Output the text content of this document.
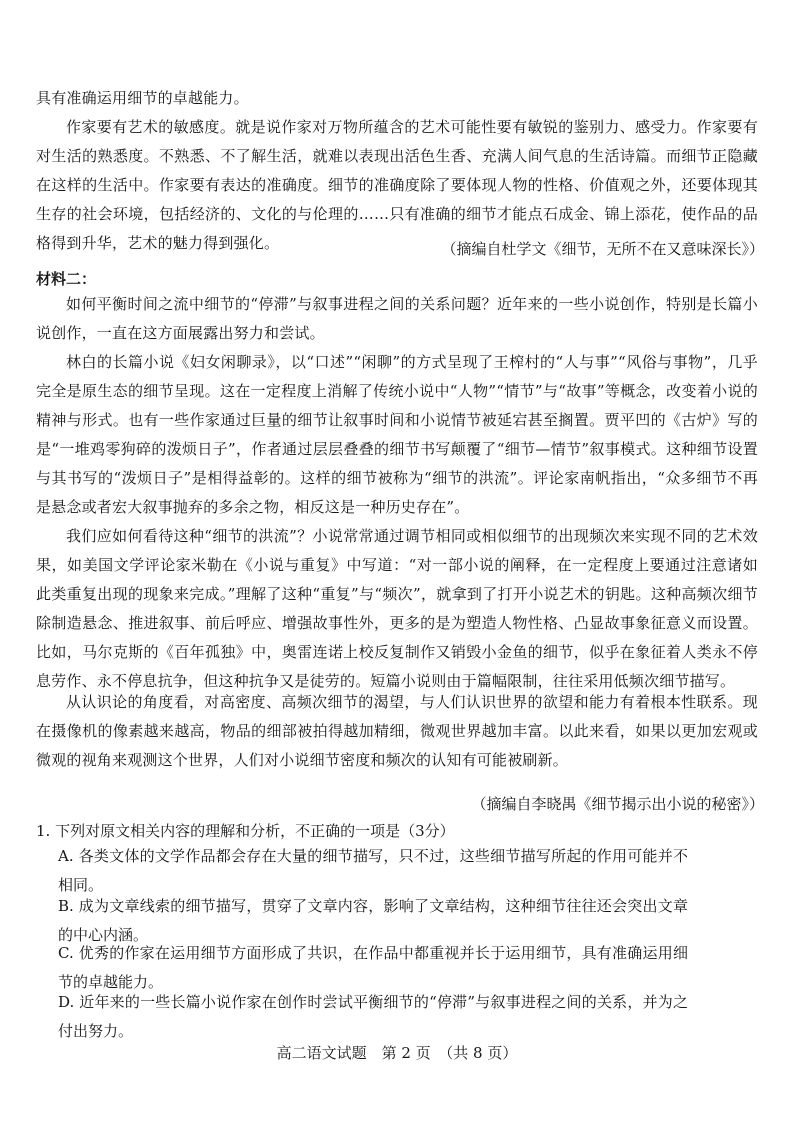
具有准确运用细节的卓越能力。
作家要有艺术的敏感度。就是说作家对万物所蕴含的艺术可能性要有敏锐的鉴别力、感受力。作家要有对生活的熟悉度。不熟悉、不了解生活，就难以表现出活色生香、充满人间气息的生活诗篇。而细节正隐藏在这样的生活中。作家要有表达的准确度。细节的准确度除了要体现人物的性格、价值观之外，还要体现其生存的社会环境，包括经济的、文化的与伦理的……只有准确的细节才能点石成金、锦上添花，使作品的品格得到升华，艺术的魅力得到强化。	（摘编自杜学文《细节，无所不在又意味深长》）
材料二：
如何平衡时间之流中细节的“停滞”与叙事进程之间的关系问题？近年来的一些小说创作，特别是长篇小说创作，一直在这方面展露出努力和尝试。
林白的长篇小说《妇女闲聊录》，以“口述”“闲聊”的方式呈现了王榨村的“人与事”“风俗与事物”，几乎完全是原生态的细节呈现。这在一定程度上消解了传统小说中“人物”“情节”与“故事”等概念，改变着小说的精神与形式。也有一些作家通过巨量的细节让叙事时间和小说情节被延宕甚至搁置。贾平凹的《古炉》写的是“一堆鸡零狗碎的泼烦日子”，作者通过层层叠叠的细节书写颠覆了“细节—情节”叙事模式。这种细节设置与其书写的“泼烦日子”是相得益彰的。这样的细节被称为“细节的洪流”。评论家南帆指出，“众多细节不再是悬念或者宏大叙事抛弃的多余之物，相反这是一种历史存在”。
我们应如何看待这种“细节的洪流”？小说常常通过调节相同或相似细节的出现频次来实现不同的艺术效果，如美国文学评论家米勒在《小说与重复》中写道：“对一部小说的阐释，在一定程度上要通过注意诸如此类重复出现的现象来完成。”理解了这种“重复”与“频次”，就拿到了打开小说艺术的钥匙。这种高频次细节除制造悬念、推进叙事、前后呼应、增强故事性外，更多的是为塑造人物性格、凸显故事象征意义而设置。比如，马尔克斯的《百年孤独》中，奥雷连诺上校反复制作又销毁小金鱼的细节，似乎在象征着人类永不停息劳作、永不停息抗争，但这种抗争又是徒劳的。短篇小说则由于篇幅限制，往往采用低频次细节描写。
从认识论的角度看，对高密度、高频次细节的渴望，与人们认识世界的欲望和能力有着根本性联系。现在摄像机的像素越来越高，物品的细部被拍得越加精细，微观世界越加丰富。以此来看，如果以更加宏观或微观的视角来观测这个世界，人们对小说细节密度和频次的认知有可能被刷新。
（摘编自李晓禺《细节揭示出小说的秘密》）
1. 下列对原文相关内容的理解和分析，不正确的一项是（3分）
A. 各类文体的文学作品都会存在大量的细节描写，只不过，这些细节描写所起的作用可能并不相同。
B. 成为文章线索的细节描写，贯穿了文章内容，影响了文章结构，这种细节往往还会突出文章的中心内涵。
C. 优秀的作家在运用细节方面形成了共识，在作品中都重视并长于运用细节，具有准确运用细节的卓越能力。
D. 近年来的一些长篇小说作家在创作时尝试平衡细节的“停滞”与叙事进程之间的关系，并为之付出努力。
高二语文试题　第 2 页　（共 8 页）
